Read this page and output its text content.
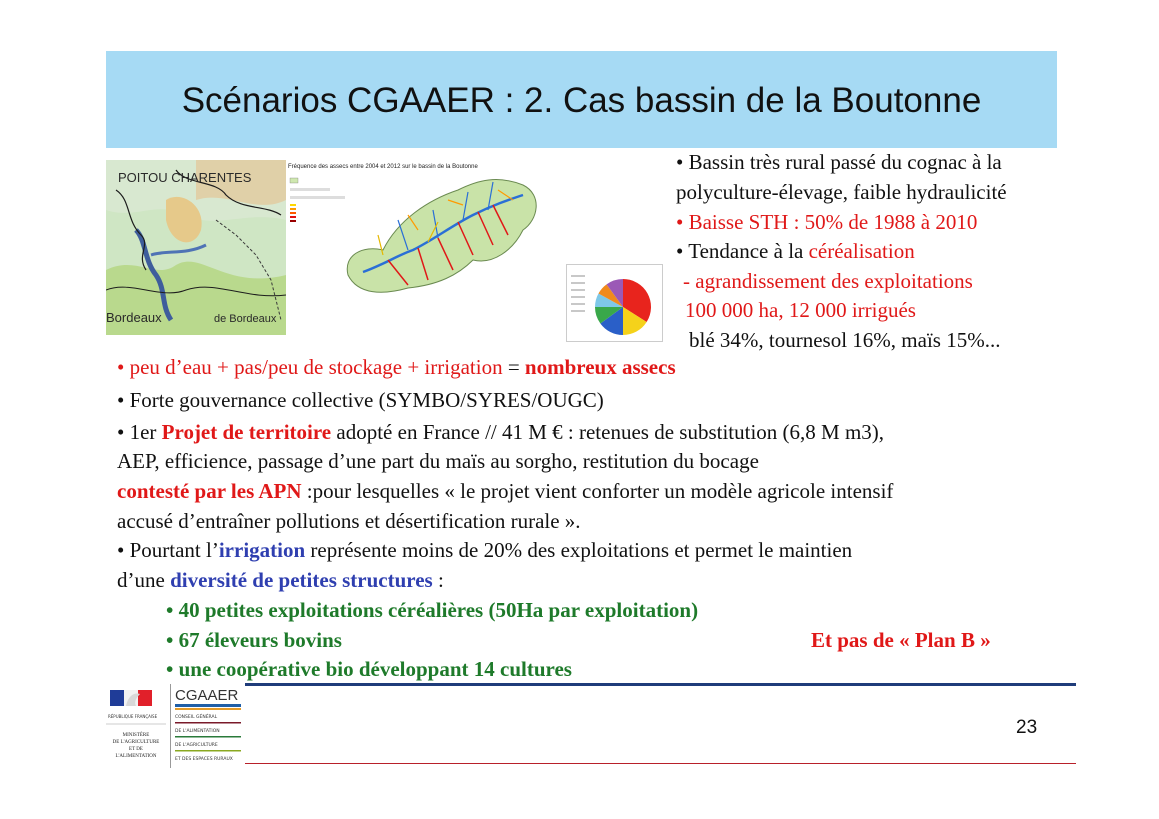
Scénarios CGAAER : 2. Cas bassin de la Boutonne
POITOU CHARENTES
Bordeaux	de Bordeaux
Fréquence des assecs entre 2004 et 2012 sur le bassin de la Boutonne	• Bassin très rural passé du cognac à la
polyculture-élevage, faible hydraulicité
• Baisse STH : 50% de 1988 à 2010
• Tendance à la céréalisation
- agrandissement des exploitations
100 000 ha, 12 000 irrigués
blé 34%, tournesol 16%, maïs 15%...
• peu d’eau + pas/peu de stockage + irrigation = nombreux assecs
• Forte gouvernance collective (SYMBO/SYRES/OUGC)
• 1er Projet de territoire adopté en France // 41 M € : retenues de substitution (6,8 M m3),
AEP, efficience, passage d’une part du maïs au sorgho, restitution du bocage
contesté par les APN :pour lesquelles « le projet vient conforter un modèle agricole intensif
accusé d’entraîner pollutions et désertification rurale ».
• Pourtant l’irrigation représente moins de 20% des exploitations et permet le maintien
d’une diversité de petites structures :
• 40 petites exploitations céréalières (50Ha par exploitation)
• 67 éleveurs bovins	Et pas de « Plan B »
• une coopérative bio développant 14 cultures
RÉPUBLIQUE FRANÇAISE
MINISTÈRE
DE L'AGRICULTURE
ET DE
L'ALIMENTATION
CGAAER
CONSEIL GÉNÉRAL
DE L'ALIMENTATION
DE L'AGRICULTURE
ET DES ESPACES RURAUX
23
